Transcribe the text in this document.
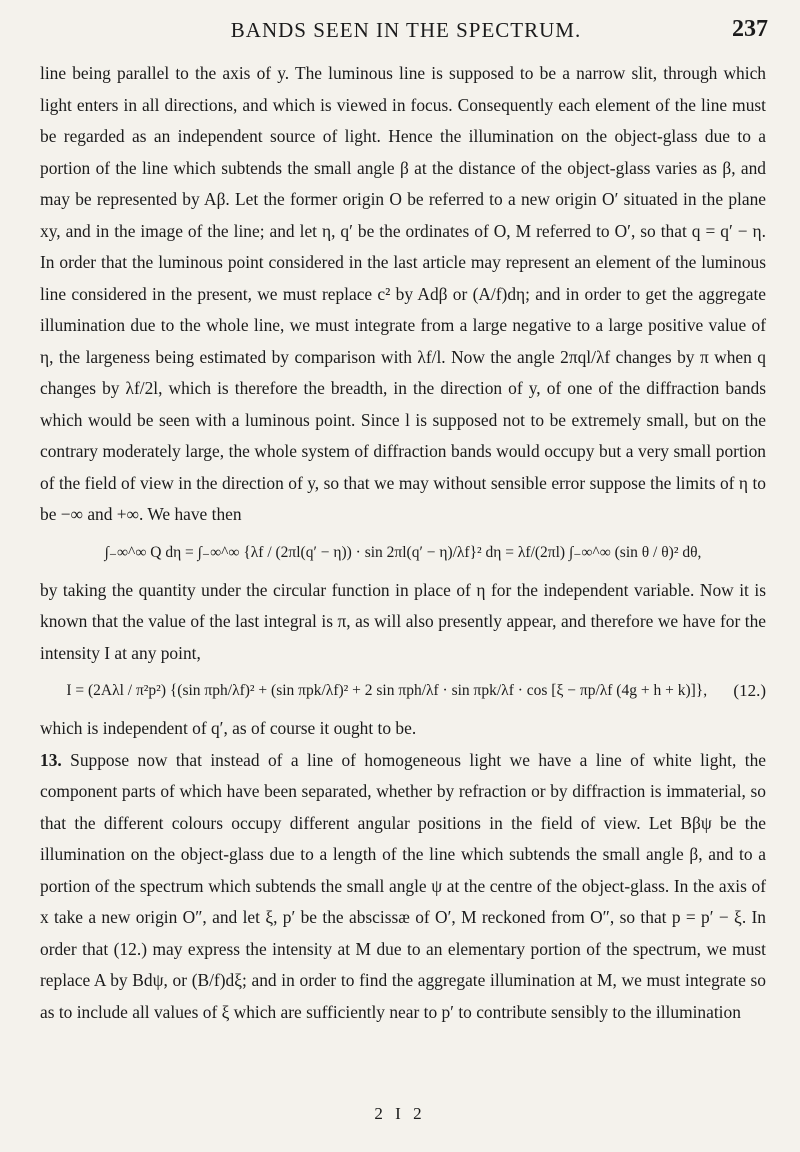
BANDS SEEN IN THE SPECTRUM.	237

line being parallel to the axis of y. The luminous line is supposed to be a narrow slit, through which light enters in all directions, and which is viewed in focus. Consequently each element of the line must be regarded as an independent source of light. Hence the illumination on the object-glass due to a portion of the line which subtends the small angle β at the distance of the object-glass varies as β, and may be represented by Aβ. Let the former origin O be referred to a new origin O′ situated in the plane xy, and in the image of the line; and let η, q′ be the ordinates of O, M referred to O′, so that q = q′ − η. In order that the luminous point considered in the last article may represent an element of the luminous line considered in the present, we must replace c² by Adβ or (A/f)dη; and in order to get the aggregate illumination due to the whole line, we must integrate from a large negative to a large positive value of η, the largeness being estimated by comparison with λf/l. Now the angle 2πql/λf changes by π when q changes by λf/2l, which is therefore the breadth, in the direction of y, of one of the diffraction bands which would be seen with a luminous point. Since l is supposed not to be extremely small, but on the contrary moderately large, the whole system of diffraction bands would occupy but a very small portion of the field of view in the direction of y, so that we may without sensible error suppose the limits of η to be −∞ and +∞. We have then

∫₋∞^∞ Q dη = ∫₋∞^∞ {λf / (2πl(q′ − η)) · sin 2πl(q′ − η)/λf}² dη = λf/(2πl) ∫₋∞^∞ (sin θ / θ)² dθ,

by taking the quantity under the circular function in place of η for the independent variable. Now it is known that the value of the last integral is π, as will also presently appear, and therefore we have for the intensity I at any point,

(12.)
I = (2Aλl / π²p²) {(sin πph/λf)² + (sin πpk/λf)² + 2 sin πph/λf · sin πpk/λf · cos [ξ − πp/λf (4g + h + k)]},

which is independent of q′, as of course it ought to be.

13. Suppose now that instead of a line of homogeneous light we have a line of white light, the component parts of which have been separated, whether by refraction or by diffraction is immaterial, so that the different colours occupy different angular positions in the field of view. Let Bβψ be the illumination on the object-glass due to a length of the line which subtends the small angle β, and to a portion of the spectrum which subtends the small angle ψ at the centre of the object-glass. In the axis of x take a new origin O″, and let ξ, p′ be the abscissæ of O′, M reckoned from O″, so that p = p′ − ξ. In order that (12.) may express the intensity at M due to an elementary portion of the spectrum, we must replace A by Bdψ, or (B/f)dξ; and in order to find the aggregate illumination at M, we must integrate so as to include all values of ξ which are sufficiently near to p′ to contribute sensibly to the illumination

2 I 2
